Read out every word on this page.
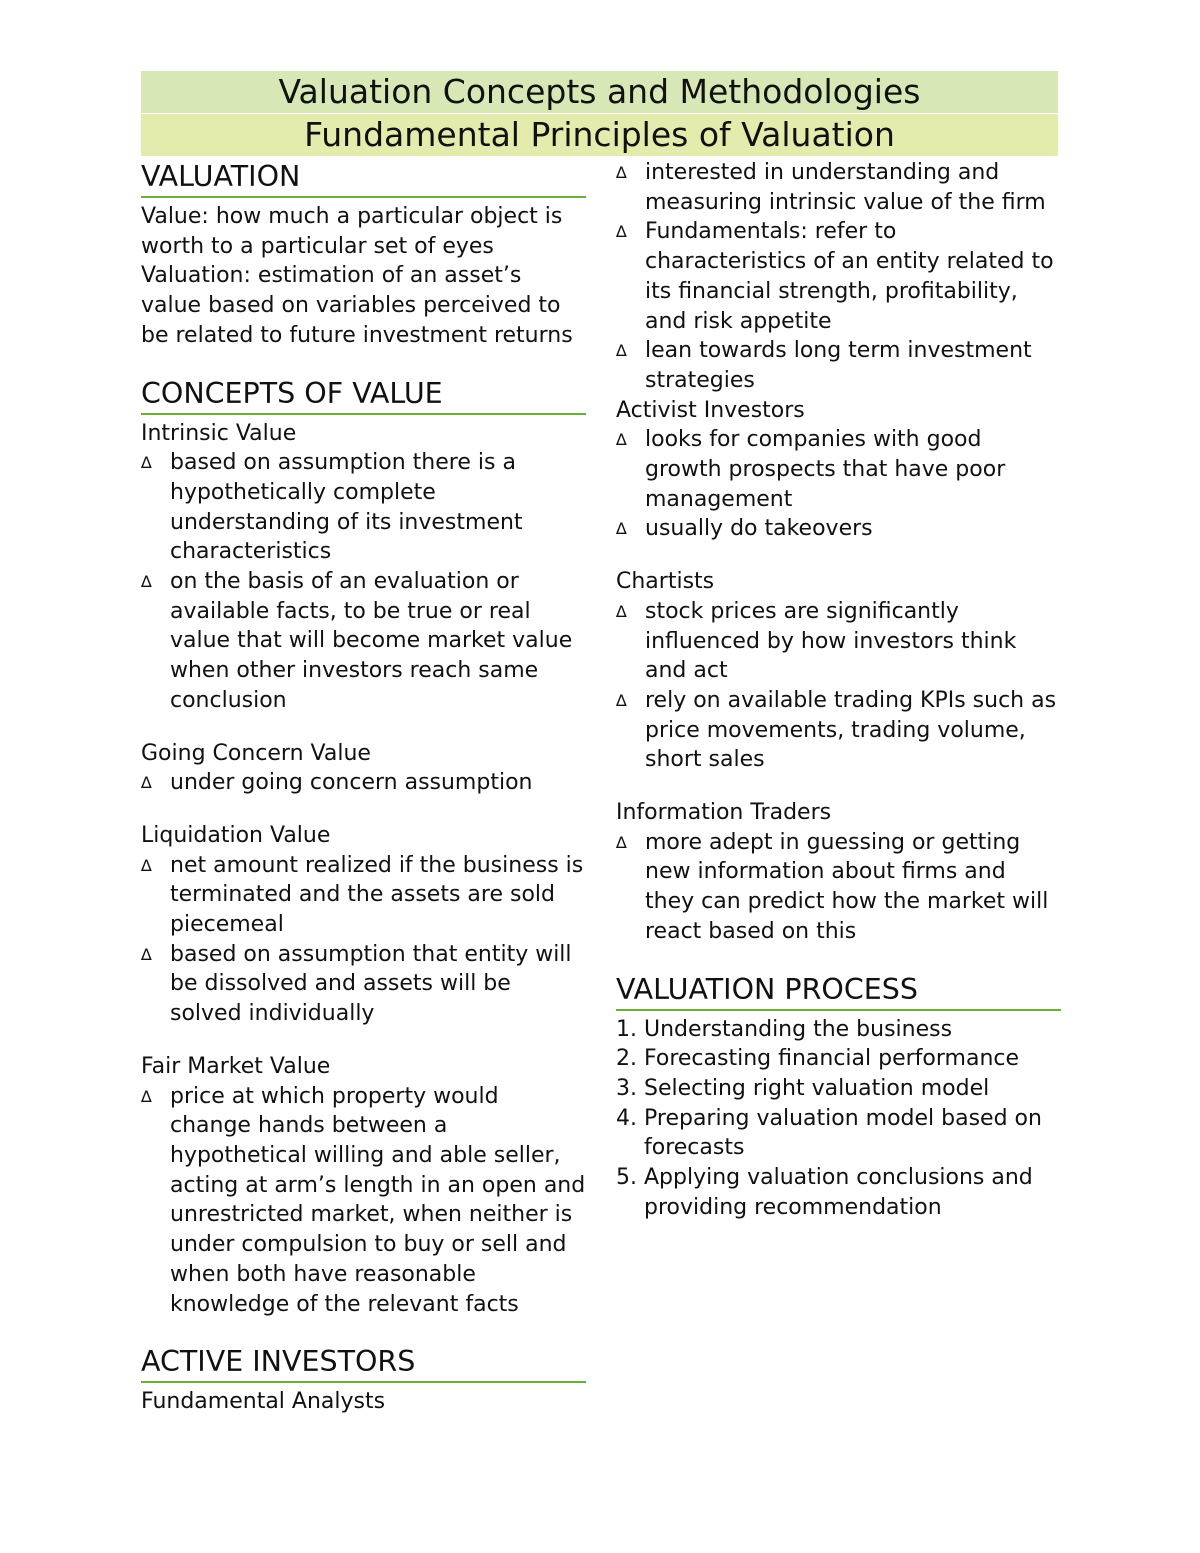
Valuation Concepts and Methodologies
Fundamental Principles of Valuation
VALUATION

Value: how much a particular object is worth to a particular set of eyes

Valuation: estimation of an asset’s value based on variables perceived to be related to future investment returns

CONCEPTS OF VALUE

Intrinsic Value

∆ based on assumption there is a hypothetically complete understanding of its investment characteristics

∆ on the basis of an evaluation or available facts, to be true or real value that will become market value when other investors reach same conclusion

Going Concern Value

∆ under going concern assumption

Liquidation Value

∆ net amount realized if the business is terminated and the assets are sold piecemeal

∆ based on assumption that entity will be dissolved and assets will be solved individually

Fair Market Value

∆ price at which property would change hands between a hypothetical willing and able seller, acting at arm’s length in an open and unrestricted market, when neither is under compulsion to buy or sell and when both have reasonable knowledge of the relevant facts

ACTIVE INVESTORS

Fundamental Analysts

∆ interested in understanding and measuring intrinsic value of the firm

∆ Fundamentals: refer to characteristics of an entity related to its financial strength, profitability, and risk appetite

∆ lean towards long term investment strategies

Activist Investors

∆ looks for companies with good growth prospects that have poor management

∆ usually do takeovers

Chartists

∆ stock prices are significantly influenced by how investors think and act

∆ rely on available trading KPIs such as price movements, trading volume, short sales

Information Traders

∆ more adept in guessing or getting new information about firms and they can predict how the market will react based on this

VALUATION PROCESS

1. Understanding the business

2. Forecasting financial performance

3. Selecting right valuation model

4. Preparing valuation model based on forecasts

5. Applying valuation conclusions and providing recommendation
